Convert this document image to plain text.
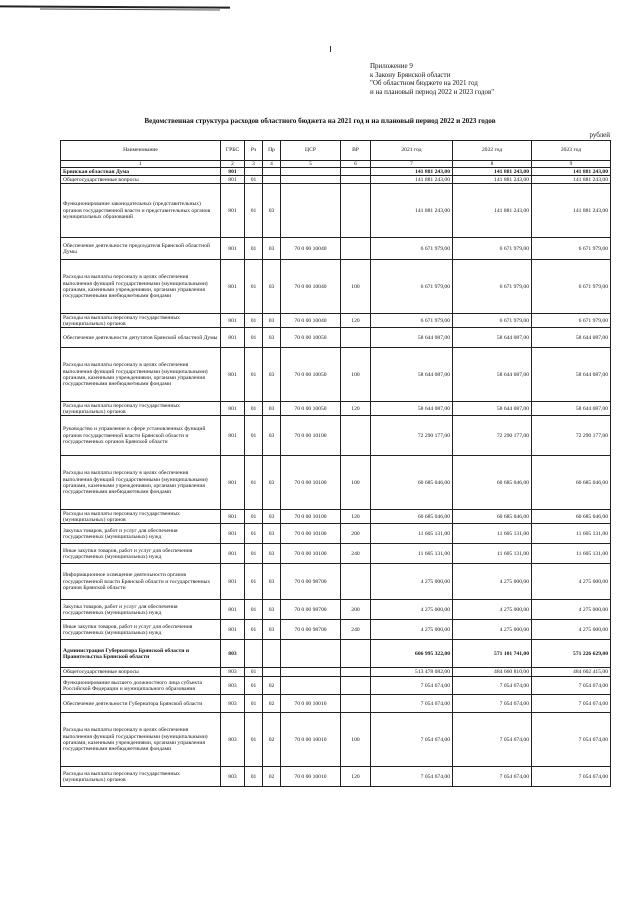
Приложение 9
к Закону Брянской области
"Об областном бюджете на 2021 год
и на плановый период 2022 и 2023 годов"
Ведомственная структура расходов областного бюджета на 2021 год и на плановый период 2022 и 2023 годов
рублей
Наименование	ГРБС	Рз	Пр	ЦСР	ВР	2021 год	2022 год	2023 год
1	2	3	4	5	6	7	8	9
Брянская областная Дума	801					141 881 243,00	141 881 243,00	141 881 243,00
Общегосударственные вопросы	801	01				141 881 243,00	141 881 243,00	141 881 243,00
Функционирование законодательных (представительных) органов государственной власти и представительных органов муниципальных образований	801	01	03			141 881 243,00	141 881 243,00	141 881 243,00
Обеспечение деятельности председателя Брянской областной Думы	801	01	03	70 0 00 10040		6 671 979,00	6 671 979,00	6 671 979,00
Расходы на выплаты персоналу в целях обеспечения выполнения функций государственными (муниципальными) органами, казенными учреждениями, органами управления государственными внебюджетными фондами	801	01	03	70 0 00 10040	100	6 671 979,00	6 671 979,00	6 671 979,00
Расходы на выплаты персоналу государственных (муниципальных) органов	801	01	03	70 0 00 10040	120	6 671 979,00	6 671 979,00	6 671 979,00
Обеспечение деятельности депутатов Брянской областной Думы	801	01	03	70 0 00 10050		58 644 087,00	58 644 087,00	58 644 087,00
Расходы на выплаты персоналу в целях обеспечения выполнения функций государственными (муниципальными) органами, казенными учреждениями, органами управления государственными внебюджетными фондами	801	01	03	70 0 00 10050	100	58 644 087,00	58 644 087,00	58 644 087,00
Расходы на выплаты персоналу государственных (муниципальных) органов	801	01	03	70 0 00 10050	120	58 644 087,00	58 644 087,00	58 644 087,00
Руководство и управление в сфере установленных функций органов государственной власти Брянской области и государственных органов Брянской области	801	01	03	70 0 00 10100		72 290 177,00	72 290 177,00	72 290 177,00
Расходы на выплаты персоналу в целях обеспечения выполнения функций государственными (муниципальными) органами, казенными учреждениями, органами управления государственными внебюджетными фондами	801	01	03	70 0 00 10100	100	60 685 046,00	60 685 046,00	60 685 046,00
Расходы на выплаты персоналу государственных (муниципальных) органов	801	01	03	70 0 00 10100	120	60 685 046,00	60 685 046,00	60 685 046,00
Закупка товаров, работ и услуг для обеспечения государственных (муниципальных) нужд	801	01	03	70 0 00 10100	200	11 605 131,00	11 605 131,00	11 605 131,00
Иные закупки товаров, работ и услуг для обеспечения государственных (муниципальных) нужд	801	01	03	70 0 00 10100	240	11 605 131,00	11 605 131,00	11 605 131,00
Информационное освещение деятельности органов государственной власти Брянской области и государственных органов Брянской области	801	01	03	70 0 00 98700		4 275 000,00	4 275 000,00	4 275 000,00
Закупка товаров, работ и услуг для обеспечения государственных (муниципальных) нужд	801	01	03	70 0 00 98700	200	4 275 000,00	4 275 000,00	4 275 000,00
Иные закупки товаров, работ и услуг для обеспечения государственных (муниципальных) нужд	801	01	03	70 0 00 98700	240	4 275 000,00	4 275 000,00	4 275 000,00
Администрация Губернатора Брянской области и Правительства Брянской области	803					606 995 322,00	571 101 741,00	571 226 629,00
Общегосударственные вопросы	803	01				513 478 082,00	484 660 810,00	484 602 415,00
Функционирование высшего должностного лица субъекта Российской Федерации и муниципального образования	803	01	02			7 054 674,00	7 054 674,00	7 054 674,00
Обеспечение деятельности Губернатора Брянской области	803	01	02	70 0 00 10010		7 054 674,00	7 054 674,00	7 054 674,00
Расходы на выплаты персоналу в целях обеспечения выполнения функций государственными (муниципальными) органами, казенными учреждениями, органами управления государственными внебюджетными фондами	803	01	02	70 0 00 10010	100	7 054 674,00	7 054 674,00	7 054 674,00
Расходы на выплаты персоналу государственных (муниципальных) органов	803	01	02	70 0 00 10010	120	7 054 674,00	7 054 674,00	7 054 674,00
